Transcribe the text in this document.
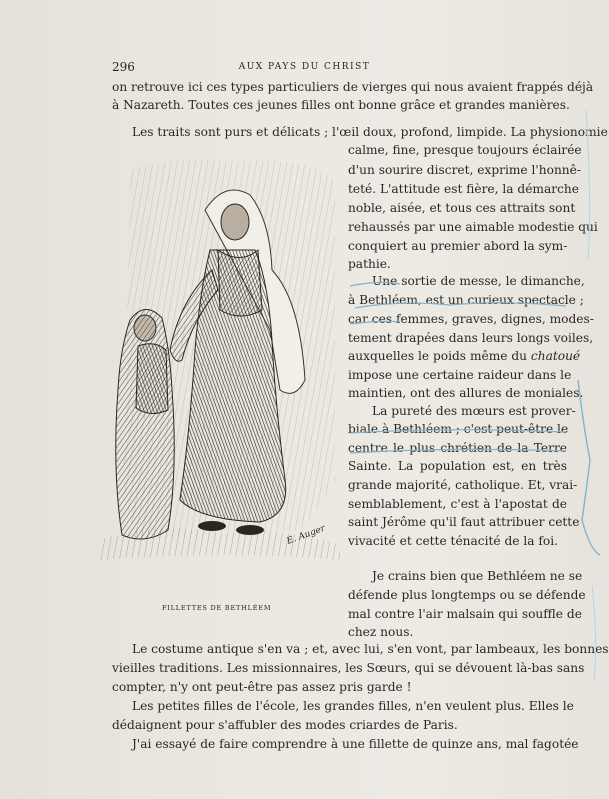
296	AUX PAYS DU CHRIST
on retrouve ici ces types particuliers de vierges qui nous avaient frappés déjà
à Nazareth. Toutes ces jeunes filles ont bonne grâce et grandes manières.
Les traits sont purs et délicats ; l'œil doux, profond, limpide. La physionomie
calme, fine, presque toujours éclairée
d'un sourire discret, exprime l'honnê-
teté. L'attitude est fière, la démarche
noble, aisée, et tous ces attraits sont
rehaussés par une aimable modestie qui
conquiert au premier abord la sym-
pathie.
Une sortie de messe, le dimanche,
à Bethléem, est un curieux spectacle ;
car ces femmes, graves, dignes, modes-
tement drapées dans leurs longs voiles,
auxquelles le poids même du chatoué
impose une certaine raideur dans le
maintien, ont des allures de moniales.
La pureté des mœurs est prover-
biale à Bethléem ; c'est peut-être le
centre le plus chrétien de la Terre
Sainte. La population est, en très
grande majorité, catholique. Et, vrai-
semblablement, c'est à l'apostat de
saint Jérôme qu'il faut attribuer cette
vivacité et cette ténacité de la foi.
Je crains bien que Bethléem ne se
défende plus longtemps ou se défende
mal contre l'air malsain qui souffle de
chez nous.
Le costume antique s'en va ; et, avec lui, s'en vont, par lambeaux, les bonnes
vieilles traditions. Les missionnaires, les Sœurs, qui se dévouent là-bas sans
compter, n'y ont peut-être pas assez pris garde !
Les petites filles de l'école, les grandes filles, n'en veulent plus. Elles le
dédaignent pour s'affubler des modes criardes de Paris.
J'ai essayé de faire comprendre à une fillette de quinze ans, mal fagotée
E. Auger
FILLETTES DE BETHLÉEM
